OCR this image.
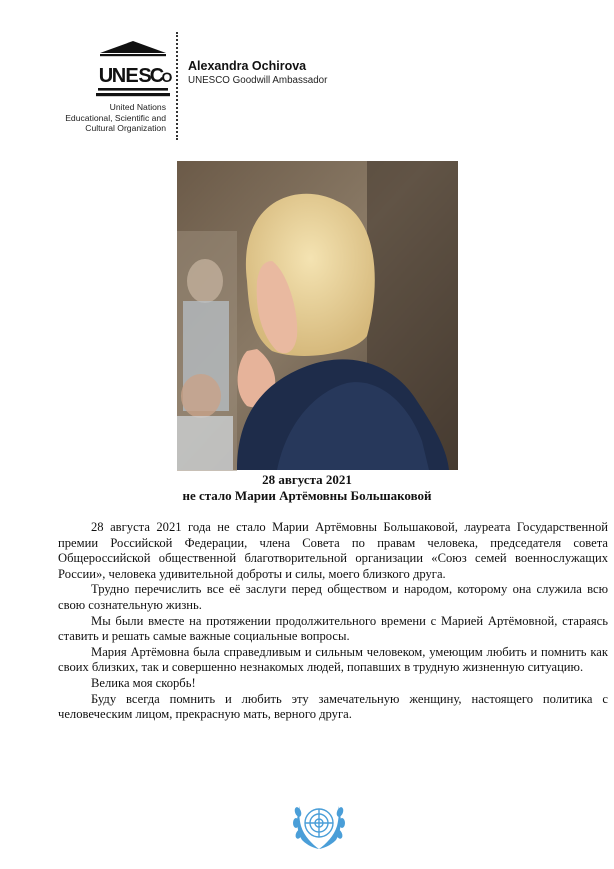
U
N E S
C
O
United Nations
Educational, Scientific and
Cultural Organization
Alexandra Ochirova
UNESCO Goodwill Ambassador
28 августа 2021
не стало Марии Артёмовны Большаковой

28 августа 2021 года не стало Марии Артёмовны Большаковой, лауреата Государственной премии Российской Федерации, члена Совета по правам человека, председателя совета Общероссийской общественной благотворительной организации «Союз семей военнослужащих России», человека удивительной доброты и силы, моего близкого друга.

Трудно перечислить все её заслуги перед обществом и народом, которому она служила всю свою сознательную жизнь.

Мы были вместе на протяжении продолжительного времени с Марией Артёмовной, стараясь ставить и решать самые важные социальные вопросы.

Мария Артёмовна была справедливым и сильным человеком, умеющим любить и помнить как своих близких, так и совершенно незнакомых людей, попавших в трудную жизненную ситуацию.

Велика моя скорбь!

Буду всегда помнить и любить эту замечательную женщину, настоящего политика с человеческим лицом, прекрасную мать, верного друга.
